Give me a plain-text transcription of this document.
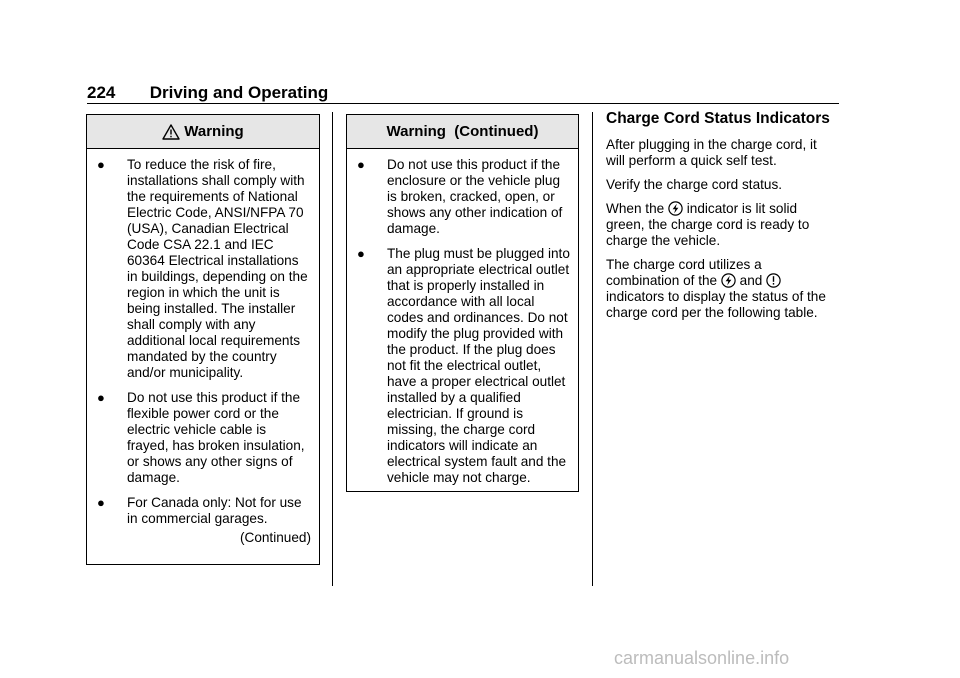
224 Driving and Operating
Warning
●	To reduce the risk of fire, installations shall comply with the requirements of National Electric Code, ANSI/NFPA 70 (USA), Canadian Electrical Code CSA 22.1 and IEC 60364 Electrical installations in buildings, depending on the region in which the unit is being installed. The installer shall comply with any additional local requirements mandated by the country and/or municipality.
●	Do not use this product if the flexible power cord or the electric vehicle cable is frayed, has broken insulation, or shows any other signs of damage.
●	For Canada only: Not for use in commercial garages.
(Continued)
Warning  (Continued)
●	Do not use this product if the enclosure or the vehicle plug is broken, cracked, open, or shows any other indication of damage.
●	The plug must be plugged into an appropriate electrical outlet that is properly installed in accordance with all local codes and ordinances. Do not modify the plug provided with the product. If the plug does not fit the electrical outlet, have a proper electrical outlet installed by a qualified electrician. If ground is missing, the charge cord indicators will indicate an electrical system fault and the vehicle may not charge.
Charge Cord Status Indicators

After plugging in the charge cord, it will perform a quick self test.

Verify the charge cord status.

When the indicator is lit solid green, the charge cord is ready to charge the vehicle.

The charge cord utilizes a combination of the and  indicators to display the status of the charge cord per the following table.

carmanualsonline.info
